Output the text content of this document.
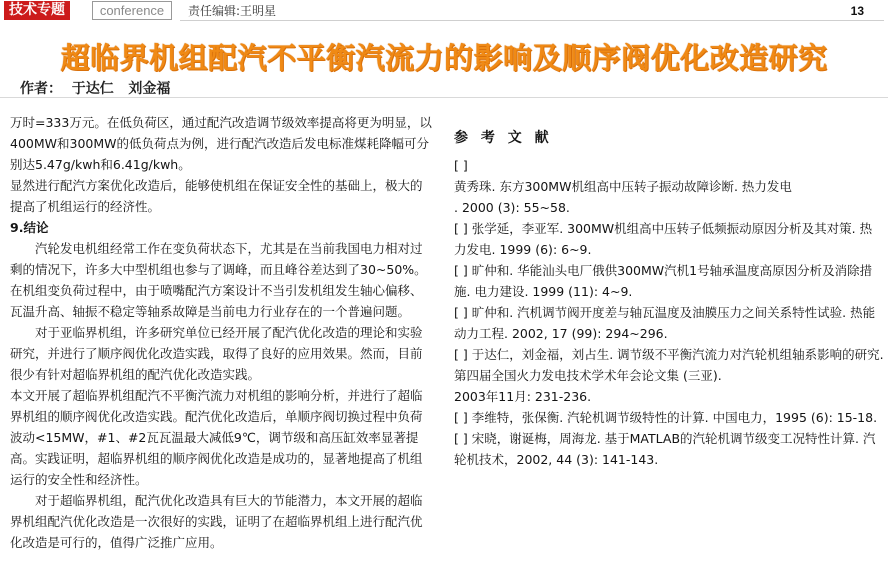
技术专题	conference	责任编辑:王明星	13
超临界机组配汽不平衡汽流力的影响及顺序阀优化改造研究
作者：  于达仁   刘金福

万时=333万元。在低负荷区，通过配汽改造调节级效率提高将更为明显，以400MW和300MW的低负荷点为例，进行配汽改造后发电标准煤耗降幅可分别达5.47g/kwh和6.41g/kwh。

显然进行配汽方案优化改造后，能够使机组在保证安全性的基础上，极大的提高了机组运行的经济性。

9.结论

汽轮发电机组经常工作在变负荷状态下，尤其是在当前我国电力相对过剩的情况下，许多大中型机组也参与了调峰，而且峰谷差达到了30~50%。在机组变负荷过程中，由于喷嘴配汽方案设计不当引发机组发生轴心偏移、瓦温升高、轴振不稳定等轴系故障是当前电力行业存在的一个普遍问题。

对于亚临界机组，许多研究单位已经开展了配汽优化改造的理论和实验研究，并进行了顺序阀优化改造实践，取得了良好的应用效果。然而，目前很少有针对超临界机组的配汽优化改造实践。

本文开展了超临界机组配汽不平衡汽流力对机组的影响分析，并进行了超临界机组的顺序阀优化改造实践。配汽优化改造后，单顺序阀切换过程中负荷波动<15MW，#1、#2瓦瓦温最大减低9℃，调节级和高压缸效率显著提高。实践证明，超临界机组的顺序阀优化改造是成功的，显著地提高了机组运行的安全性和经济性。

对于超临界机组，配汽优化改造具有巨大的节能潜力，本文开展的超临界机组配汽优化改造是一次很好的实践，证明了在超临界机组上进行配汽优化改造是可行的，值得广泛推广应用。

参 考 文 献

[ ]

黄秀珠. 东方300MW机组高中压转子振动故障诊断. 热力发电

. 2000 (3): 55~58.

[ ] 张学延，李亚军. 300MW机组高中压转子低频振动原因分析及其对策. 热力发电. 1999 (6): 6~9.

[ ] 旷仲和. 华能汕头电厂俄供300MW汽机1号轴承温度高原因分析及消除措施. 电力建设. 1999 (11): 4~9.

[ ] 旷仲和. 汽机调节阀开度差与轴瓦温度及油膜压力之间关系特性试验. 热能动力工程. 2002, 17 (99): 294~296.

[ ] 于达仁，刘金福，刘占生. 调节级不平衡汽流力对汽轮机组轴系影响的研究. 第四届全国火力发电技术学术年会论文集 (三亚).

2003年11月: 231-236.

[ ] 李维特，张保衡. 汽轮机调节级特性的计算. 中国电力，1995 (6): 15-18.

[ ] 宋晓，谢诞梅，周海龙. 基于MATLAB的汽轮机调节级变工况特性计算. 汽轮机技术，2002, 44 (3): 141-143.
